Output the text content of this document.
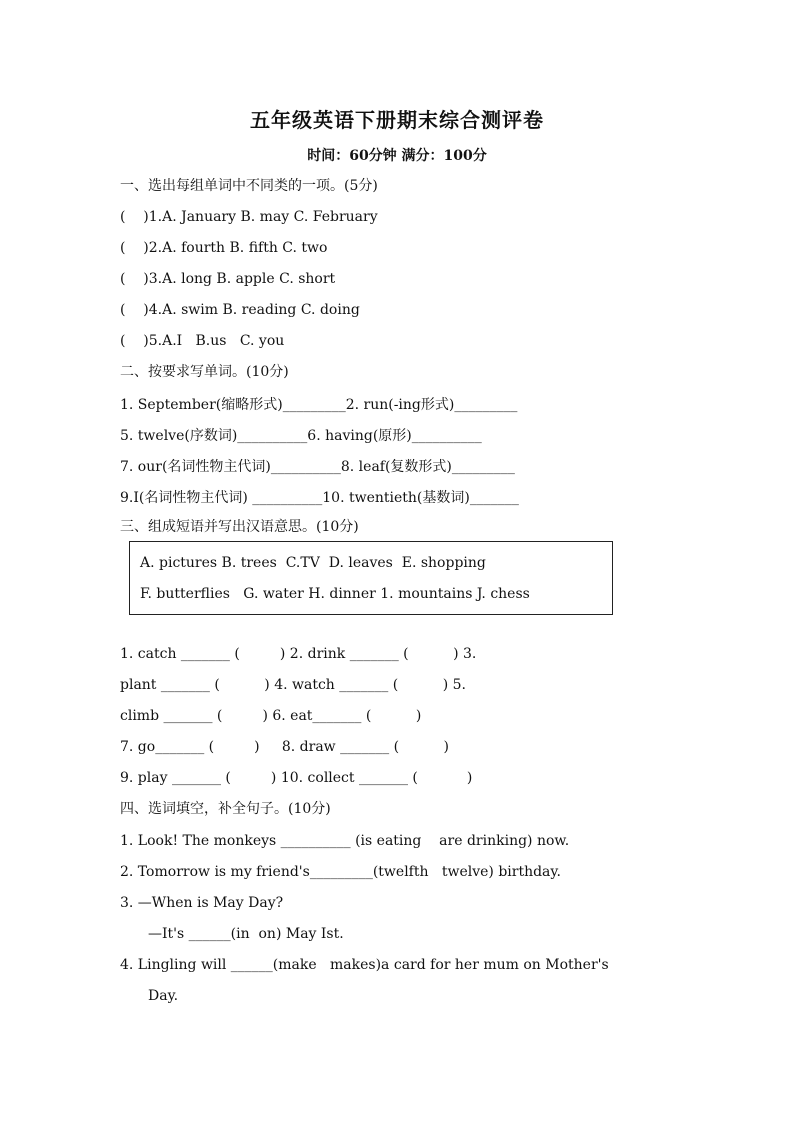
五年级英语下册期末综合测评卷
时间：60分钟 满分：100分
一、选出每组单词中不同类的一项。(5分)
(    )1.A. January B. may C. February
(    )2.A. fourth B. fifth C. two
(    )3.A. long B. apple C. short
(    )4.A. swim B. reading C. doing
(    )5.A.I   B.us   C. you
二、按要求写单词。(10分)
1. September(缩略形式)_________2. run(-ing形式)_________
5. twelve(序数词)__________6. having(原形)__________
7. our(名词性物主代词)__________8. leaf(复数形式)_________
9.I(名词性物主代词) __________10. twentieth(基数词)_______
三、组成短语并写出汉语意思。(10分)
A. pictures B. trees  C.TV  D. leaves  E. shopping
F. butterflies   G. water H. dinner 1. mountains J. chess
1. catch _______ (         ) 2. drink _______ (          ) 3.
plant _______ (          ) 4. watch _______ (          ) 5.
climb _______ (         ) 6. eat_______ (          )
7. go_______ (         )     8. draw _______ (          )
9. play _______ (         ) 10. collect _______ (           )
四、选词填空，补全句子。(10分)
1. Look! The monkeys __________ (is eating    are drinking) now.
2. Tomorrow is my friend's_________(twelfth   twelve) birthday.
3. —When is May Day?
—It's ______(in  on) May Ist.
4. Lingling will ______(make   makes)a card for her mum on Mother's
Day.
